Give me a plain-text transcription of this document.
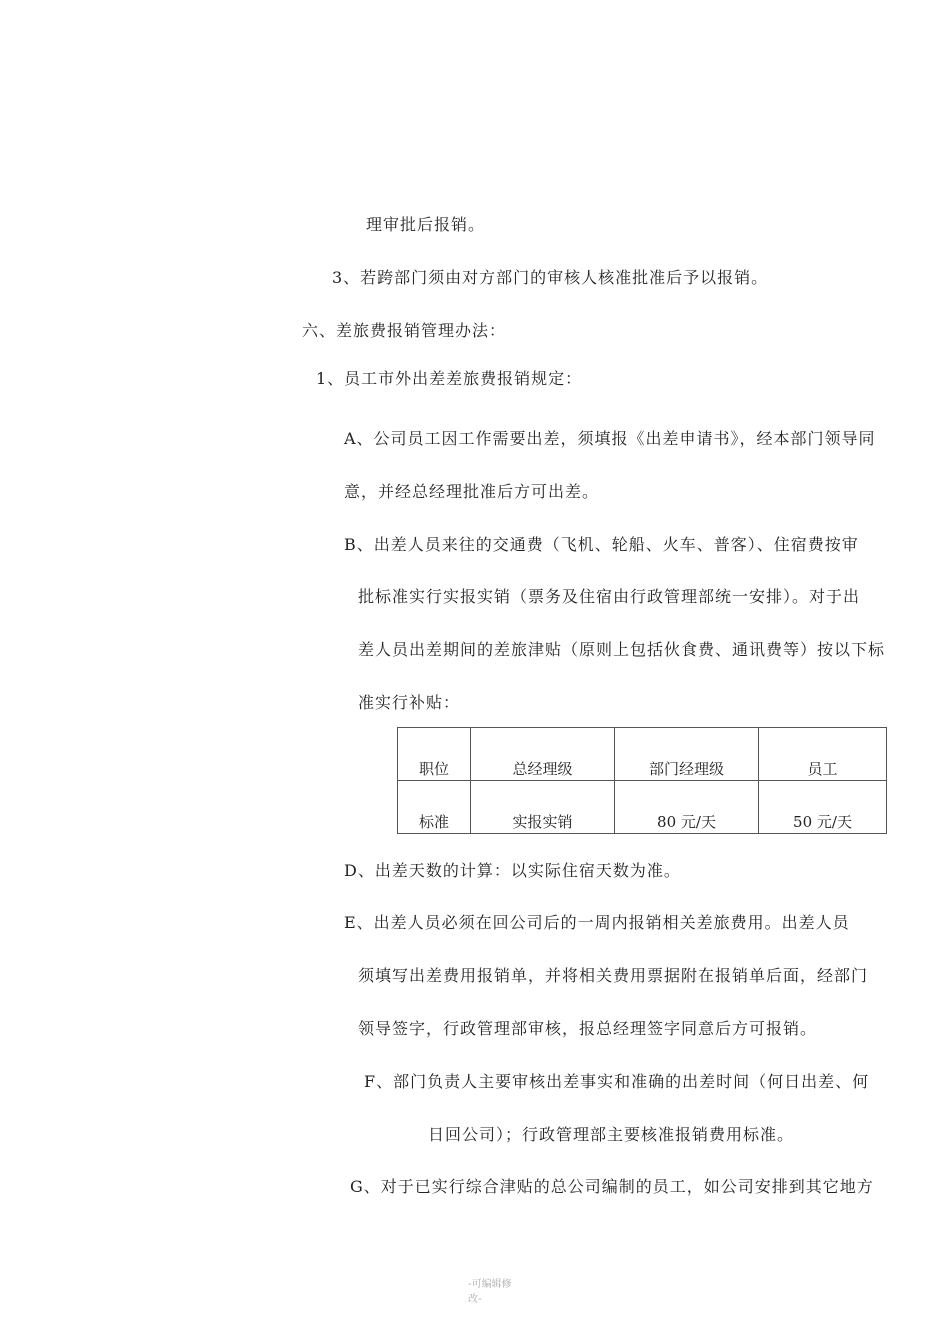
理审批后报销。
3、若跨部门须由对方部门的审核人核准批准后予以报销。
六、差旅费报销管理办法：
1、员工市外出差差旅费报销规定：
A、公司员工因工作需要出差，须填报《出差申请书》，经本部门领导同
意，并经总经理批准后方可出差。
B、出差人员来往的交通费（飞机、轮船、火车、普客）、住宿费按审
批标准实行实报实销（票务及住宿由行政管理部统一安排）。对于出
差人员出差期间的差旅津贴（原则上包括伙食费、通讯费等）按以下标
准实行补贴：
职位	总经理级	部门经理级	员工
标准	实报实销	80 元/天	50 元/天
D、出差天数的计算：以实际住宿天数为准。
E、出差人员必须在回公司后的一周内报销相关差旅费用。出差人员
须填写出差费用报销单，并将相关费用票据附在报销单后面，经部门
领导签字，行政管理部审核，报总经理签字同意后方可报销。
F、部门负责人主要审核出差事实和准确的出差时间（何日出差、何
日回公司）；行政管理部主要核准报销费用标准。
G、对于已实行综合津贴的总公司编制的员工，如公司安排到其它地方
-可编辑修
改-
